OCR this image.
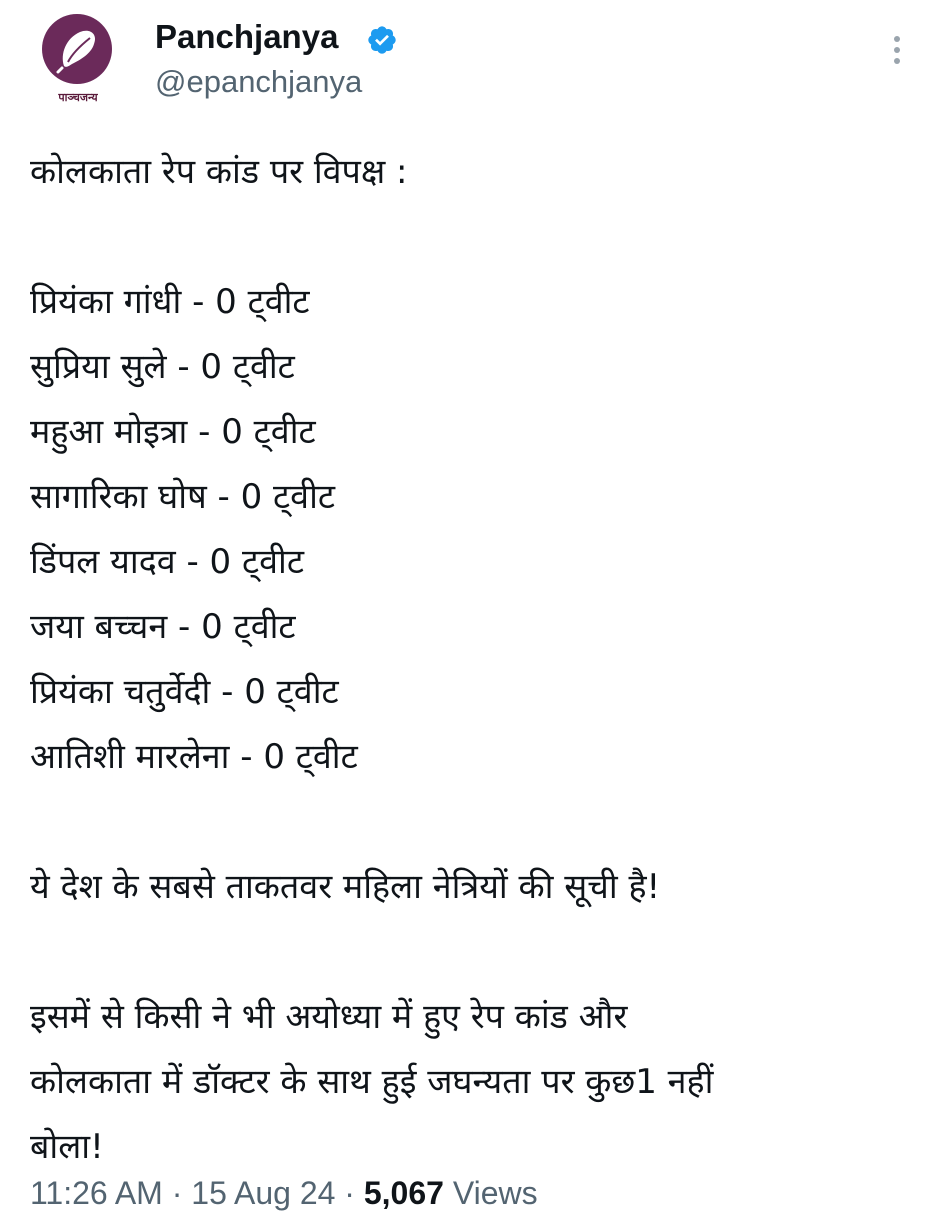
पाञ्चजन्य
Panchjanya
@epanchjanya
कोलकाता रेप कांड पर विपक्ष :
प्रियंका गांधी - 0 ट्वीट
सुप्रिया सुले - 0 ट्वीट
महुआ मोइत्रा - 0 ट्वीट
सागारिका घोष - 0 ट्वीट
डिंपल यादव - 0 ट्वीट
जया बच्चन - 0 ट्वीट
प्रियंका चतुर्वेदी - 0 ट्वीट
आतिशी मारलेना - 0 ट्वीट
ये देश के सबसे ताकतवर महिला नेत्रियों की सूची है!
इसमें से किसी ने भी अयोध्या में हुए रेप कांड और
कोलकाता में डॉक्टर के साथ हुई जघन्यता पर कुछ1 नहीं
बोला!
11:26 AM · 15 Aug 24 · 5,067 Views
